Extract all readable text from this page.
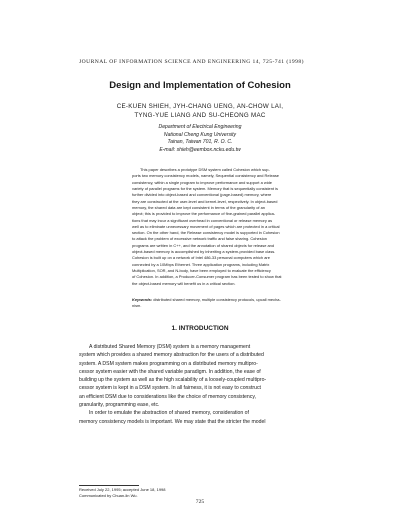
JOURNAL OF INFORMATION SCIENCE AND ENGINEERING 14, 725-741 (1998)
Design and Implementation of Cohesion
CE-KUEN SHIEH, JYH-CHANG UENG, AN-CHOW LAI,
TYNG-YUE LIANG AND SU-CHEONG MAC
Department of Electrical Engineering
National Cheng Kung University
Tainan, Taiwan 701, R. O. C.
E-mail: shieh@eembox.ncku.edu.tw
This paper describes a prototype DSM system called Cohesion which sup-
ports two memory consistency models, namely, Sequential consistency and Release
consistency, within a single program to improve performance and support a wide
variety of parallel programs for the system. Memory that is sequentially consistent is
further divided into object-based and conventional (page-based) memory, where
they are constructed at the user-level and kernel-level, respectively. In object-based
memory, the shared data are kept consistent in terms of the granularity of an
object; this is provided to improve the performance of fine-grained parallel applica-
tions that may incur a significant overhead in conventional or release memory as
well as to eliminate unnecessary movement of pages which are protected in a critical
section. On the other hand, the Release consistency model is supported in Cohesion
to attack the problem of excessive network traffic and false sharing. Cohesion
programs are written in C++, and the annotation of shared objects for release and
object-based memory is accomplished by inheriting a system-provided base class.
Cohesion is built up on a network of Intel 486-33 personal computers which are
connected by a 10Mbps Ethernet. Three application programs, including Matrix
Multiplication, SOR, and N-body, have been employed to evaluate the efficiency
of Cohesion. In addition, a Producer-Consumer program has been tested to show that
the object-based memory will benefit us in a critical section.
Keywords: distributed shared memory, multiple consistency protocols, upcall mecha-
nism.
1. INTRODUCTION
A distributed Shared Memory (DSM) system is a memory management
system which provides a shared memory abstraction for the users of a distributed
system. A DSM system makes programming on a distributed memory multipro-
cessor system easier with the shared variable paradigm. In addition, the ease of
building up the system as well as the high scalability of a loosely-coupled multipro-
cessor system is kept in a DSM system. In all fairness, it is not easy to construct
an efficient DSM due to considerations like the choice of memory consistency,
granularity, programming ease, etc.
In order to emulate the abstraction of shared memory, consideration of
memory consistency models is important. We may state that the stricter the model
Received July 22, 1995; accepted June 18, 1998
Communicated by Chuan-lin Wu.
725
